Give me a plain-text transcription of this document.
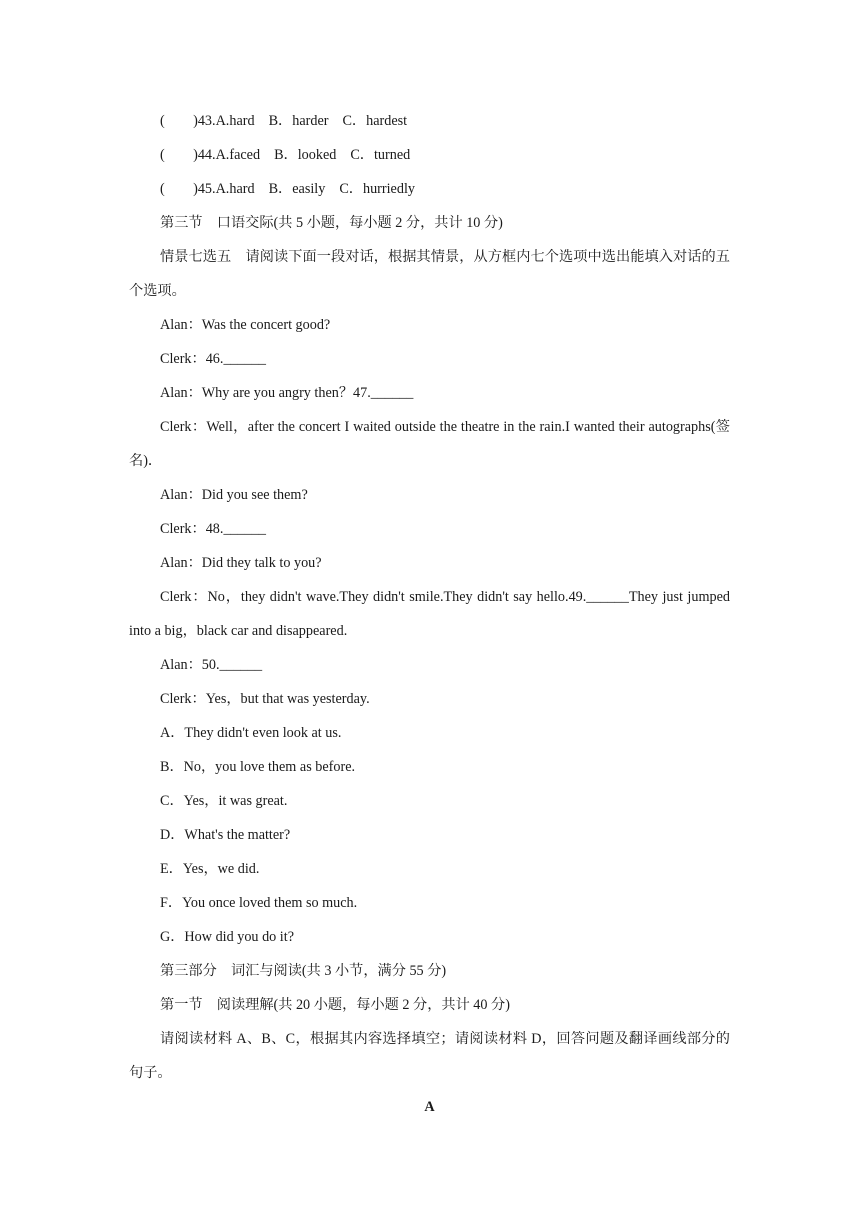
(  )43.A.hard B．harder C．hardest
(  )44.A.faced B．looked C．turned
(  )45.A.hard B．easily C．hurriedly
第三节　口语交际(共 5 小题，每小题 2 分，共计 10 分)
情景七选五　请阅读下面一段对话，根据其情景，从方框内七个选项中选出能填入对话的五个选项。
Alan：Was the concert good?
Clerk：46.______
Alan：Why are you angry then？47.______
Clerk：Well，after the concert I waited outside the theatre in the rain.I wanted their autographs(签名)．
Alan：Did you see them?
Clerk：48.______
Alan：Did they talk to you?
Clerk：No，they didn't wave.They didn't smile.They didn't say hello.49.______They just jumped into a big，black car and disappeared.
Alan：50.______
Clerk：Yes，but that was yesterday.
A．They didn't even look at us.
B．No，you love them as before.
C．Yes，it was great.
D．What's the matter?
E．Yes，we did.
F．You once loved them so much.
G．How did you do it?
第三部分　词汇与阅读(共 3 小节，满分 55 分)
第一节　阅读理解(共 20 小题，每小题 2 分，共计 40 分)
请阅读材料 A、B、C，根据其内容选择填空；请阅读材料 D，回答问题及翻译画线部分的句子。
A
